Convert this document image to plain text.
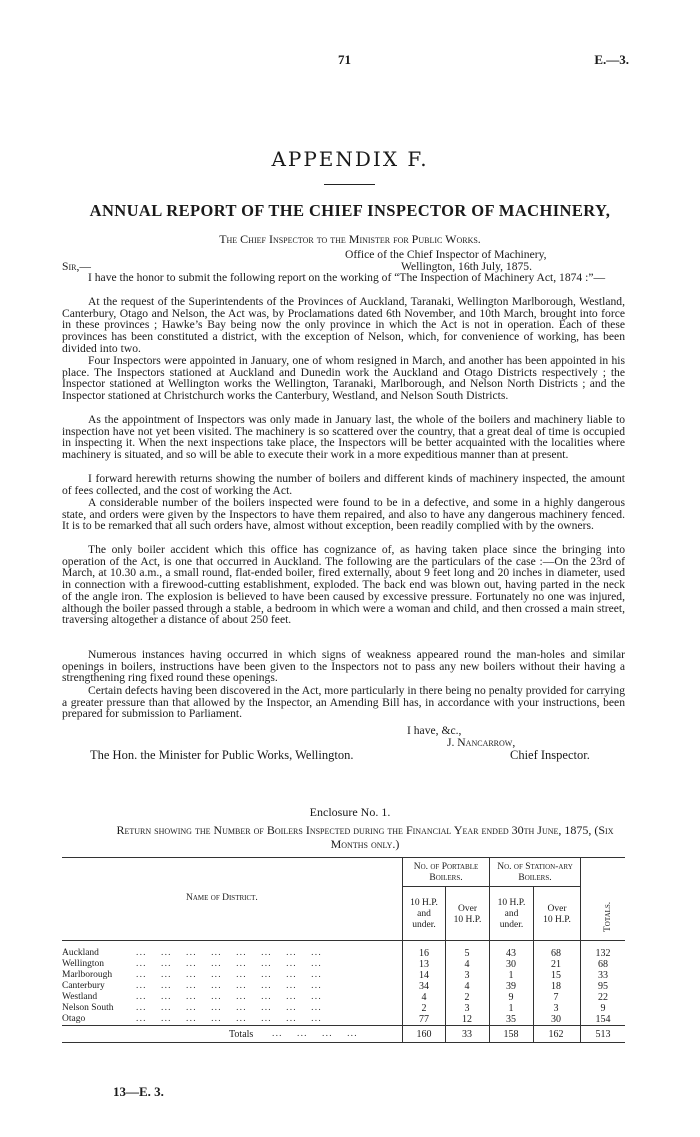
71	E.—3.
APPENDIX F.
ANNUAL REPORT OF THE CHIEF INSPECTOR OF MACHINERY,
The Chief Inspector to the Minister for Public Works.
Office of the Chief Inspector of Machinery,
Sir,—	Wellington, 16th July, 1875.
I have the honor to submit the following report on the working of “The Inspection of Machinery Act, 1874 :”—
At the request of the Superintendents of the Provinces of Auckland, Taranaki, Wellington Marlborough, Westland, Canterbury, Otago and Nelson, the Act was, by Proclamations dated 6th November, and 10th March, brought into force in these provinces ; Hawke’s Bay being now the only province in which the Act is not in operation. Each of these provinces has been constituted a district, with the exception of Nelson, which, for convenience of working, has been divided into two.
Four Inspectors were appointed in January, one of whom resigned in March, and another has been appointed in his place. The Inspectors stationed at Auckland and Dunedin work the Auckland and Otago Districts respectively ; the Inspector stationed at Wellington works the Wellington, Taranaki, Marlborough, and Nelson North Districts ; and the Inspector stationed at Christchurch works the Canterbury, Westland, and Nelson South Districts.
As the appointment of Inspectors was only made in January last, the whole of the boilers and machinery liable to inspection have not yet been visited. The machinery is so scattered over the country, that a great deal of time is occupied in inspecting it. When the next inspections take place, the Inspectors will be better acquainted with the localities where machinery is situated, and so will be able to execute their work in a more expeditious manner than at present.
I forward herewith returns showing the number of boilers and different kinds of machinery inspected, the amount of fees collected, and the cost of working the Act.
A considerable number of the boilers inspected were found to be in a defective, and some in a highly dangerous state, and orders were given by the Inspectors to have them repaired, and also to have any dangerous machinery fenced. It is to be remarked that all such orders have, almost without exception, been readily complied with by the owners.
The only boiler accident which this office has cognizance of, as having taken place since the bringing into operation of the Act, is one that occurred in Auckland. The following are the particulars of the case :—On the 23rd of March, at 10.30 a.m., a small round, flat-ended boiler, fired externally, about 9 feet long and 20 inches in diameter, used in connection with a firewood-cutting establishment, exploded. The back end was blown out, having parted in the neck of the angle iron. The explosion is believed to have been caused by excessive pressure. Fortunately no one was injured, although the boiler passed through a stable, a bedroom in which were a woman and child, and then crossed a main street, traversing altogether a distance of about 250 feet.
Numerous instances having occurred in which signs of weakness appeared round the man-holes and similar openings in boilers, instructions have been given to the Inspectors not to pass any new boilers without their having a strengthening ring fixed round these openings.
Certain defects having been discovered in the Act, more particularly in there being no penalty provided for carrying a greater pressure than that allowed by the Inspector, an Amending Bill has, in accordance with your instructions, been prepared for submission to Parliament.
I have, &c.,
J. Nancarrow,
The Hon. the Minister for Public Works, Wellington.	Chief Inspector.
Enclosure No. 1.
Return showing the Number of Boilers Inspected during the Financial Year ended 30th June, 1875, (Six Months only.)
Name of District.
No. of Portable Boilers.
No. of Station-ary Boilers.
10 H.P.
and
under.
Over
10 H.P.
10 H.P.
and
under.
Over
10 H.P.	Totals.
Auckland	...    ...    ...    ...    ...    ...    ...    ...	16	5	43	68	132
Wellington	...    ...    ...    ...    ...    ...    ...    ...	13	4	30	21	68
Marlborough	...    ...    ...    ...    ...    ...    ...    ...	14	3	1	15	33
Canterbury	...    ...    ...    ...    ...    ...    ...    ...	34	4	39	18	95
Westland	...    ...    ...    ...    ...    ...    ...    ...	4	2	9	7	22
Nelson South ...    ...    ...    ...    ...    ...    ...    ...	2	3	1	3	9
Otago	...    ...    ...    ...    ...    ...    ...    ...	77	12	35	30	154
Totals ...    ...    ...    ...	160	33	158	162	513
13—E. 3.
